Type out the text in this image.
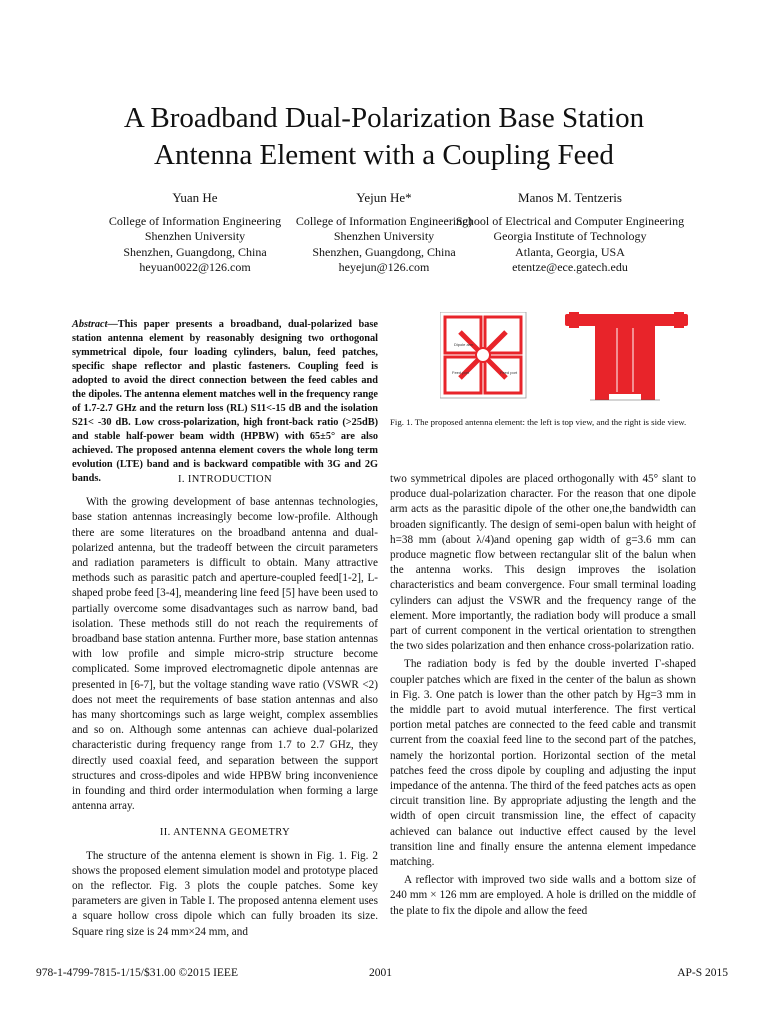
A Broadband Dual-Polarization Base Station
Antenna Element with a Coupling Feed
Yuan He
College of Information Engineering
Shenzhen University
Shenzhen, Guangdong, China
heyuan0022@126.com
Yejun He*
College of Information Engineering)
Shenzhen University
Shenzhen, Guangdong, China
heyejun@126.com
Manos M. Tentzeris
School of Electrical and Computer Engineering
Georgia Institute of Technology
Atlanta, Georgia, USA
etentze@ece.gatech.edu

Abstract—This paper presents a broadband, dual-polarized base station antenna element by reasonably designing two orthogonal symmetrical dipole, four loading cylinders, balun, feed patches, specific shape reflector and plastic fasteners. Coupling feed is adopted to avoid the direct connection between the feed cables and the dipoles. The antenna element matches well in the frequency range of 1.7-2.7 GHz and the return loss (RL) S11<-15 dB and the isolation S21< -30 dB. Low cross-polarization, high front-back ratio (>25dB) and stable half-power beam width (HPBW) with 65±5° are also achieved. The proposed antenna element covers the whole long term evolution (LTE) band and is backward compatible with 3G and 2G bands.

Dipole arm
Feed port	Feed port
Fig. 1. The proposed antenna element: the left is top view, and the right is side view.

I. INTRODUCTION

With the growing development of base antennas technologies, base station antennas increasingly become low-profile. Although there are some literatures on the broadband antenna and dual-polarized antenna, but the tradeoff between the circuit parameters and radiation parameters is difficult to obtain. Many attractive methods such as parasitic patch and aperture-coupled feed[1-2], L-shaped probe feed [3-4], meandering line feed [5] have been used to partially overcome some disadvantages such as narrow band, bad isolation. These methods still do not reach the requirements of broadband base station antenna. Further more, base station antennas with low profile and simple micro-strip structure become complicated. Some improved electromagnetic dipole antennas are presented in [6-7], but the voltage standing wave ratio (VSWR <2) does not meet the requirements of base station antennas and also has many shortcomings such as large weight, complex assemblies and so on. Although some antennas can achieve dual-polarized characteristic during frequency range from 1.7 to 2.7 GHz, they directly used coaxial feed, and separation between the support structures and cross-dipoles and wide HPBW bring inconvenience in founding and third order intermodulation when forming a large antenna array.

II. ANTENNA GEOMETRY

The structure of the antenna element is shown in Fig. 1. Fig. 2 shows the proposed element simulation model and prototype placed on the reflector. Fig. 3 plots the couple patches. Some key parameters are given in Table I. The proposed antenna element uses a square hollow cross dipole which can fully broaden its size. Square ring size is 24 mm×24 mm, and

two symmetrical dipoles are placed orthogonally with 45° slant to produce dual-polarization character. For the reason that one dipole arm acts as the parasitic dipole of the other one,the bandwidth can broaden significantly. The design of semi-open balun with height of h=38 mm (about λ/4)and opening gap width of g=3.6 mm can produce magnetic flow between rectangular slit of the balun when the antenna works. This design improves the isolation characteristics and beam convergence. Four small terminal loading cylinders can adjust the VSWR and the frequency range of the element. More importantly, the radiation body will produce a small part of current component in the vertical orientation to strengthen the two sides polarization and then enhance cross-polarization ratio.

The radiation body is fed by the double inverted Γ-shaped coupler patches which are fixed in the center of the balun as shown in Fig. 3. One patch is lower than the other patch by Hg=3 mm in the middle part to avoid mutual interference. The first vertical portion metal patches are connected to the feed cable and transmit current from the coaxial feed line to the second part of the patches, namely the horizontal portion. Horizontal section of the metal patches feed the cross dipole by coupling and adjusting the input impedance of the antenna. The third of the feed patches acts as open circuit transition line. By appropriate adjusting the length and the width of open circuit transmission line, the effect of capacity achieved can balance out inductive effect caused by the level transition line and finally ensure the antenna element impedance matching.

A reflector with improved two side walls and a bottom size of 240 mm × 126 mm are employed. A hole is drilled on the middle of the plate to fix the dipole and allow the feed

978-1-4799-7815-1/15/$31.00 ©2015 IEEE	2001	AP-S 2015
